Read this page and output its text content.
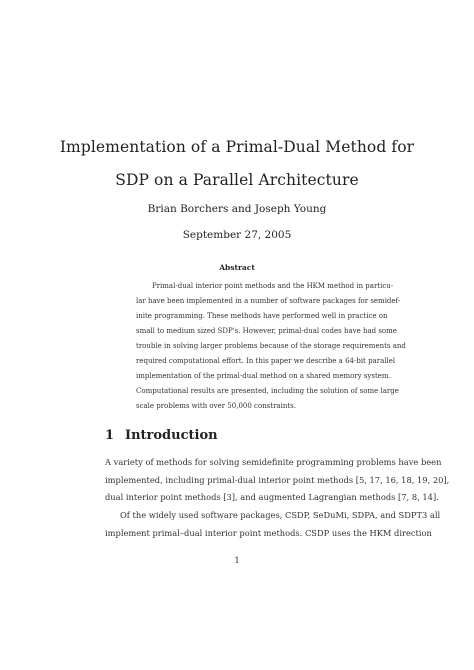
Implementation of a Primal-Dual Method for
SDP on a Parallel Architecture
Brian Borchers and Joseph Young
September 27, 2005
Abstract
Primal-dual interior point methods and the HKM method in particu-
lar have been implemented in a number of software packages for semidef-
inite programming. These methods have performed well in practice on
small to medium sized SDP's. However, primal-dual codes have had some
trouble in solving larger problems because of the storage requirements and
required computational effort. In this paper we describe a 64-bit parallel
implementation of the primal-dual method on a shared memory system.
Computational results are presented, including the solution of some large
scale problems with over 50,000 constraints.
1 Introduction
A variety of methods for solving semidefinite programming problems have been
implemented, including primal-dual interior point methods [5, 17, 16, 18, 19, 20],
dual interior point methods [3], and augmented Lagrangian methods [7, 8, 14].
Of the widely used software packages, CSDP, SeDuMi, SDPA, and SDPT3 all
implement primal–dual interior point methods. CSDP uses the HKM direction
1
